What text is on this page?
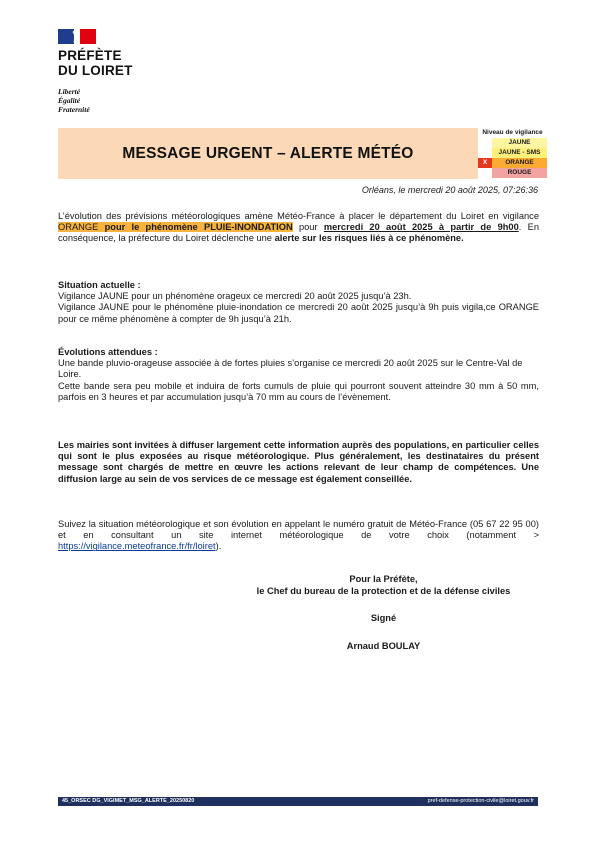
PRÉFÈTE
DU LOIRET
Liberté
Égalité
Fraternité
MESSAGE URGENT – ALERTE MÉTÉO
Niveau de vigilance
JAUNE
JAUNE - SMS
X	ORANGE
ROUGE
Orléans, le mercredi 20 août 2025, 07:26:36
L’évolution des prévisions météorologiques amène Météo-France à placer le département du Loiret en vigilance ORANGE pour le phénomène PLUIE-INONDATION pour mercredi 20 août 2025 à partir de 9h00. En conséquence, la préfecture du Loiret déclenche une alerte sur les risques liés à ce phénomène.
Situation actuelle :
Vigilance JAUNE pour un phénomène orageux ce mercredi 20 août 2025 jusqu’à 23h.
Vigilance JAUNE pour le phénomène pluie-inondation ce mercredi 20 août 2025 jusqu’à 9h puis vigila,ce ORANGE pour ce même phénomène à compter de 9h jusqu’à 21h.
Évolutions attendues :
Une bande pluvio-orageuse associée à de fortes pluies s’organise ce mercredi 20 août 2025 sur le Centre-Val de Loire.
Cette bande sera peu mobile et induira de forts cumuls de pluie qui pourront souvent atteindre 30 mm à 50 mm, parfois en 3 heures et par accumulation jusqu’à 70 mm au cours de l’évènement.
Les mairies sont invitées à diffuser largement cette information auprès des populations, en particulier celles qui sont le plus exposées au risque météorologique. Plus généralement, les destinataires du présent message sont chargés de mettre en œuvre les actions relevant de leur champ de compétences. Une diffusion large au sein de vos services de ce message est également conseillée.
Suivez la situation météorologique et son évolution en appelant le numéro gratuit de Météo-France (05 67 22 95 00) et en consultant un site internet météorologique de votre choix (notamment > https://vigilance.meteofrance.fr/fr/loiret).
Pour la Préfète,
le Chef du bureau de la protection et de la défense civiles
Signé
Arnaud BOULAY
45_ORSEC DG_VIGIMET_MSG_ALERTE_20250820	pref-defense-protection-civile@loiret.gouv.fr
